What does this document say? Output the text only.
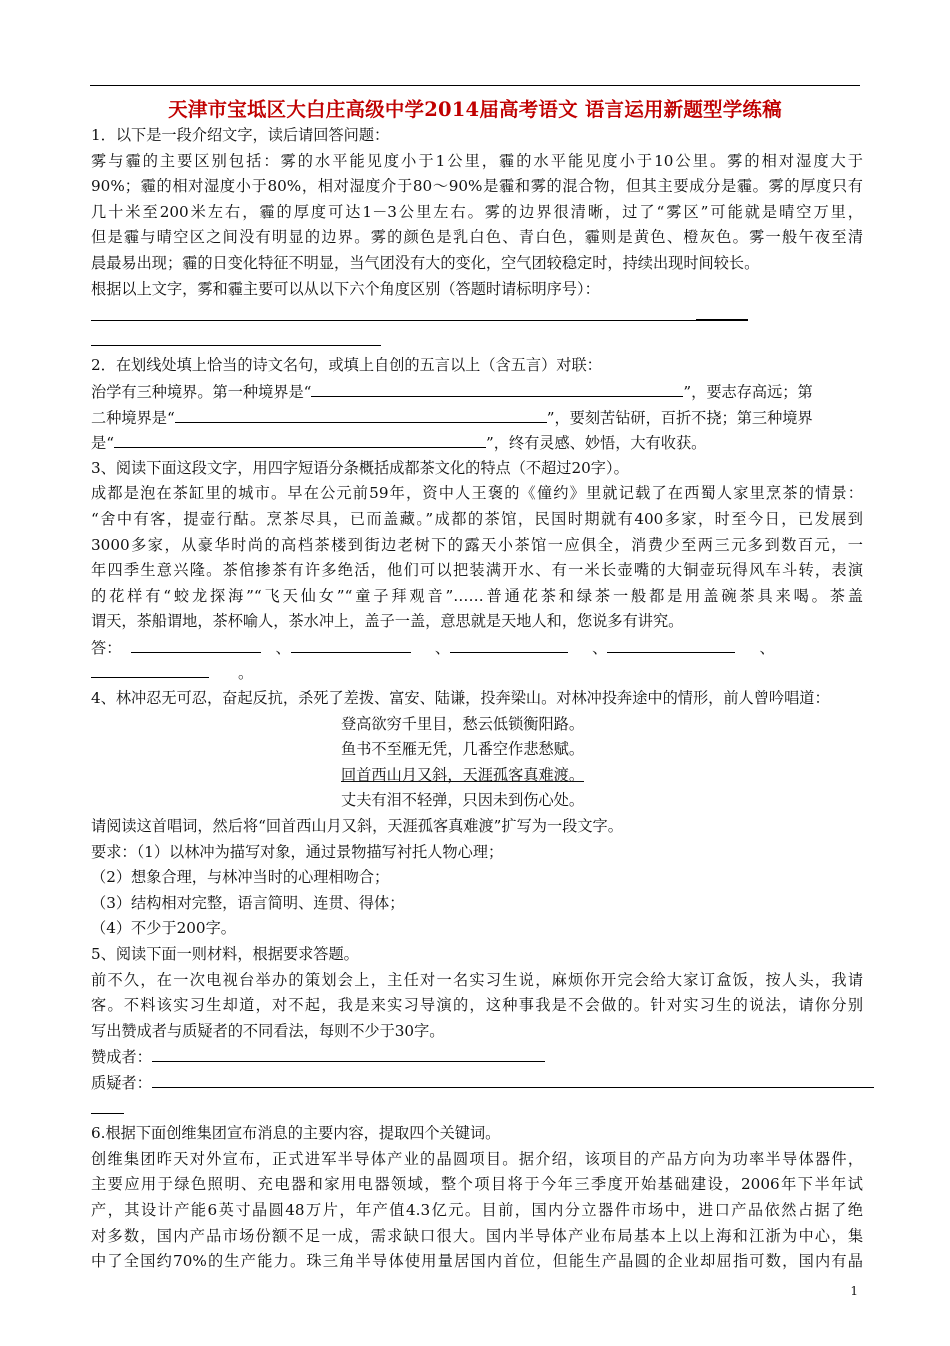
天津市宝坻区大白庄高级中学2014届高考语文 语言运用新题型学练稿
1．以下是一段介绍文字，读后请回答问题：
雾与霾的主要区别包括：雾的水平能见度小于1公里，霾的水平能见度小于10公里。雾的相对湿度大于
90%；霾的相对湿度小于80%，相对湿度介于80～90%是霾和雾的混合物，但其主要成分是霾。雾的厚度只有
几十米至200米左右，霾的厚度可达1－3公里左右。雾的边界很清晰，过了“雾区”可能就是晴空万里，
但是霾与晴空区之间没有明显的边界。雾的颜色是乳白色、青白色，霾则是黄色、橙灰色。雾一般午夜至清
晨最易出现；霾的日变化特征不明显，当气团没有大的变化，空气团较稳定时，持续出现时间较长。
根据以上文字，雾和霾主要可以从以下六个角度区别（答题时请标明序号）：
2．在划线处填上恰当的诗文名句，或填上自创的五言以上（含五言）对联：
治学有三种境界。第一种境界是“	”，要志存高远；第
二种境界是“	”，要刻苦钻研，百折不挠；第三种境界
是“	”，终有灵感、妙悟，大有收获。
3、阅读下面这段文字，用四字短语分条概括成都茶文化的特点（不超过20字）。
成都是泡在茶缸里的城市。早在公元前59年，资中人王褒的《僮约》里就记载了在西蜀人家里烹茶的情景：
“舍中有客，提壶行酤。烹茶尽具，已而盖藏。”成都的茶馆，民国时期就有400多家，时至今日，已发展到
3000多家，从豪华时尚的高档茶楼到街边老树下的露天小茶馆一应俱全，消费少至两三元多到数百元，一
年四季生意兴隆。茶倌掺茶有许多绝活，他们可以把装满开水、有一米长壶嘴的大铜壶玩得风车斗转，表演
的花样有“蛟龙探海”“飞天仙女”“童子拜观音”……普通花茶和绿茶一般都是用盖碗茶具来喝。茶盖
谓天，茶船谓地，茶杯喻人，茶水冲上，盖子一盖，意思就是天地人和，您说多有讲究。
答：	、	、	、	、
。
4、林冲忍无可忍，奋起反抗，杀死了差拨、富安、陆谦，投奔梁山。对林冲投奔途中的情形，前人曾吟唱道：
登高欲穷千里目，愁云低锁衡阳路。
鱼书不至雁无凭，几番空作悲愁赋。
回首西山月又斜，天涯孤客真难渡。
丈夫有泪不轻弹，只因未到伤心处。
请阅读这首唱词，然后将“回首西山月又斜，天涯孤客真难渡”扩写为一段文字。
要求：（1）以林冲为描写对象，通过景物描写衬托人物心理；
（2）想象合理，与林冲当时的心理相吻合；
（3）结构相对完整，语言简明、连贯、得体；
（4）不少于200字。
5、阅读下面一则材料，根据要求答题。
前不久，在一次电视台举办的策划会上，主任对一名实习生说，麻烦你开完会给大家订盒饭，按人头，我请
客。不料该实习生却道，对不起，我是来实习导演的，这种事我是不会做的。针对实习生的说法，请你分别
写出赞成者与质疑者的不同看法，每则不少于30字。
赞成者：
质疑者：
6.根据下面创维集团宣布消息的主要内容，提取四个关键词。
创维集团昨天对外宣布，正式进军半导体产业的晶圆项目。据介绍，该项目的产品方向为功率半导体器件，
主要应用于绿色照明、充电器和家用电器领域，整个项目将于今年三季度开始基础建设，2006年下半年试
产，其设计产能6英寸晶圆48万片，年产值4.3亿元。目前，国内分立器件市场中，进口产品依然占据了绝
对多数，国内产品市场份额不足一成，需求缺口很大。国内半导体产业布局基本上以上海和江浙为中心，集
中了全国约70%的生产能力。珠三角半导体使用量居国内首位，但能生产晶圆的企业却屈指可数，国内有晶
1
